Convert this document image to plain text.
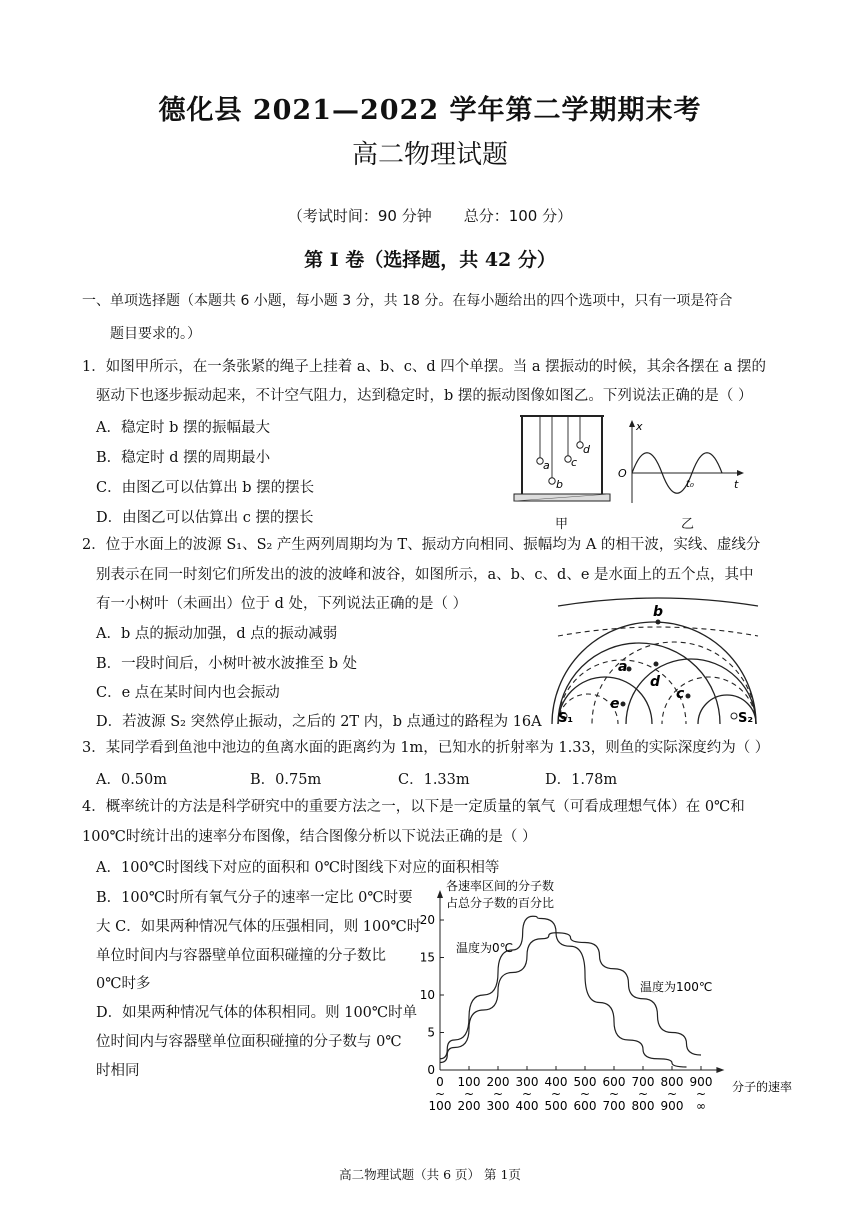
德化县 2021—2022 学年第二学期期末考
高二物理试题
（考试时间：90 分钟 总分：100 分）
第 I 卷（选择题，共 42 分）
一、单项选择题（本题共 6 小题，每小题 3 分，共 18 分。在每小题给出的四个选项中，只有一项是符合
题目要求的。）
1．如图甲所示，在一条张紧的绳子上挂着 a、b、c、d 四个单摆。当 a 摆振动的时候，其余各摆在 a 摆的
驱动下也逐步振动起来，不计空气阻力，达到稳定时，b 摆的振动图像如图乙。下列说法正确的是（ ）
A．稳定时 b 摆的振幅最大
B．稳定时 d 摆的周期最小
C．由图乙可以估算出 b 摆的摆长
D．由图乙可以估算出 c 摆的摆长
a
b
c
d
甲
x
O
t₀	t
乙
2．位于水面上的波源 S₁、S₂ 产生两列周期均为 T、振动方向相同、振幅均为 A 的相干波，实线、虚线分
别表示在同一时刻它们所发出的波的波峰和波谷，如图所示，a、b、c、d、e 是水面上的五个点，其中
有一小树叶（未画出）位于 d 处，下列说法正确的是（ ）
A．b 点的振动加强，d 点的振动减弱
B．一段时间后，小树叶被水波推至 b 处
C．e 点在某时间内也会振动
D．若波源 S₂ 突然停止振动，之后的 2T 内，b 点通过的路程为 16A
b
a
d
c
e
S₁	S₂
3．某同学看到鱼池中池边的鱼离水面的距离约为 1m，已知水的折射率为 1.33，则鱼的实际深度约为（ ）
A．0.50m	B．0.75m	C．1.33m	D．1.78m
4．概率统计的方法是科学研究中的重要方法之一，以下是一定质量的氧气（可看成理想气体）在 0℃和
100℃时统计出的速率分布图像，结合图像分析以下说法正确的是（ ）
A．100℃时图线下对应的面积和 0℃时图线下对应的面积相等
B．100℃时所有氧气分子的速率一定比 0℃时要
大 C．如果两种情况气体的压强相同，则 100℃时
单位时间内与容器壁单位面积碰撞的分子数比
0℃时多
D．如果两种情况气体的体积相同。则 100℃时单
位时间内与容器壁单位面积碰撞的分子数与 0℃
时相同
各速率区间的分子数
占总分子数的百分比
分子的速率
0
5
10
15
20
0
~
100
100
~
200
200
~
300
300
~
400
400
~
500
500
~
600
600
~
700
700
~
800
800
~
900
900
~
∞
温度为0℃
温度为100℃
高二物理试题（共 6 页） 第 1页
